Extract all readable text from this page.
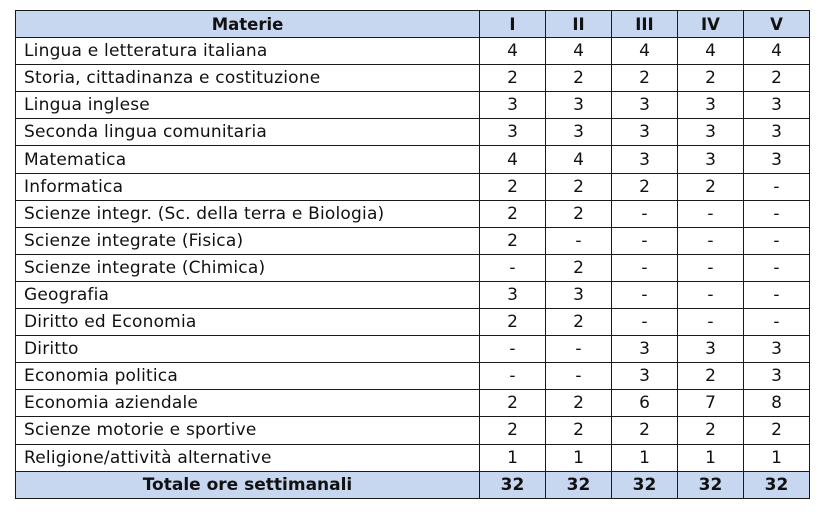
Materie	I	II	III	IV	V
Lingua e letteratura italiana	4	4	4	4	4
Storia, cittadinanza e costituzione	2	2	2	2	2
Lingua inglese	3	3	3	3	3
Seconda lingua comunitaria	3	3	3	3	3
Matematica	4	4	3	3	3
Informatica	2	2	2	2	-
Scienze integr. (Sc. della terra e Biologia)	2	2	-	-	-
Scienze integrate (Fisica)	2	-	-	-	-
Scienze integrate (Chimica)	-	2	-	-	-
Geografia	3	3	-	-	-
Diritto ed Economia	2	2	-	-	-
Diritto	-	-	3	3	3
Economia politica	-	-	3	2	3
Economia aziendale	2	2	6	7	8
Scienze motorie e sportive	2	2	2	2	2
Religione/attività alternative	1	1	1	1	1
Totale ore settimanali	32	32	32	32	32
